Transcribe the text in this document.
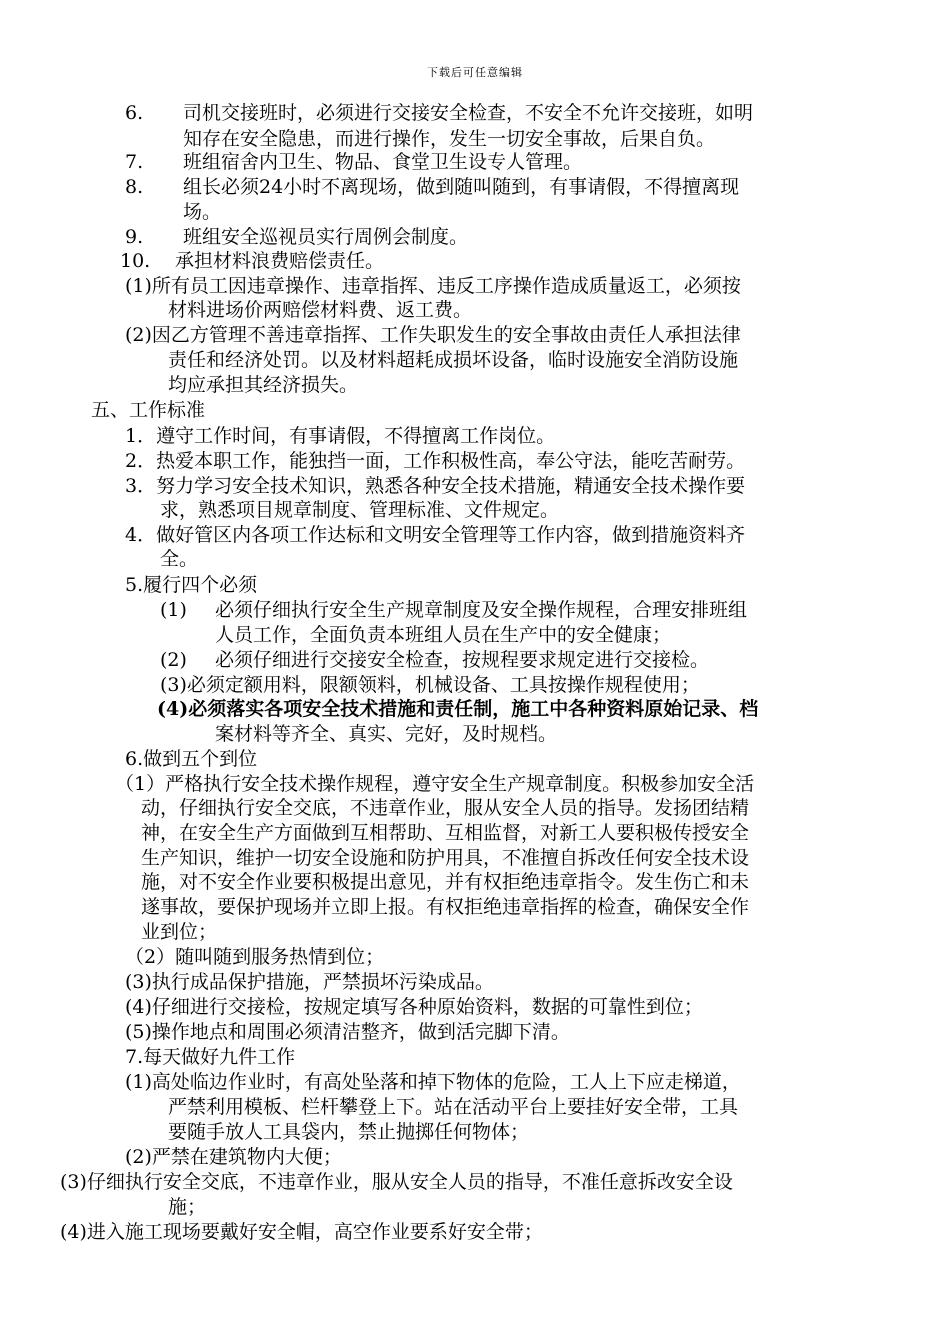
下载后可任意编辑
6. 司机交接班时，必须进行交接安全检查，不安全不允许交接班，如明
知存在安全隐患，而进行操作，发生一切安全事故，后果自负。
7. 班组宿舍内卫生、物品、食堂卫生设专人管理。
8. 组长必须24小时不离现场，做到随叫随到，有事请假，不得擅离现
场。
9. 班组安全巡视员实行周例会制度。
10. 承担材料浪费赔偿责任。
(1)所有员工因违章操作、违章指挥、违反工序操作造成质量返工，必须按
材料进场价两赔偿材料费、返工费。
(2)因乙方管理不善违章指挥、工作失职发生的安全事故由责任人承担法律
责任和经济处罚。以及材料超耗成损坏设备，临时设施安全消防设施
均应承担其经济损失。
五、工作标准
1．遵守工作时间，有事请假，不得擅离工作岗位。
2．热爱本职工作，能独挡一面，工作积极性高，奉公守法，能吃苦耐劳。
3．努力学习安全技术知识，熟悉各种安全技术措施，精通安全技术操作要
求，熟悉项目规章制度、管理标准、文件规定。
4．做好管区内各项工作达标和文明安全管理等工作内容，做到措施资料齐
全。
5.履行四个必须
(1) 必须仔细执行安全生产规章制度及安全操作规程，合理安排班组
人员工作，全面负责本班组人员在生产中的安全健康；
(2) 必须仔细进行交接安全检查，按规程要求规定进行交接检。
(3)必须定额用料，限额领料，机械设备、工具按操作规程使用；
(4)必须落实各项安全技术措施和责任制，施工中各种资料原始记录、档
案材料等齐全、真实、完好，及时规档。
6.做到五个到位
（1）严格执行安全技术操作规程，遵守安全生产规章制度。积极参加安全活
动，仔细执行安全交底，不违章作业，服从安全人员的指导。发扬团结精
神，在安全生产方面做到互相帮助、互相监督，对新工人要积极传授安全
生产知识，维护一切安全设施和防护用具，不准擅自拆改任何安全技术设
施，对不安全作业要积极提出意见，并有权拒绝违章指令。发生伤亡和未
遂事故，要保护现场并立即上报。有权拒绝违章指挥的检查，确保安全作
业到位；
（2）随叫随到服务热情到位；
(3)执行成品保护措施，严禁损坏污染成品。
(4)仔细进行交接检，按规定填写各种原始资料，数据的可靠性到位；
(5)操作地点和周围必须清洁整齐，做到活完脚下清。
7.每天做好九件工作
(1)高处临边作业时，有高处坠落和掉下物体的危险，工人上下应走梯道，
严禁利用模板、栏杆攀登上下。站在活动平台上要挂好安全带，工具
要随手放人工具袋内，禁止抛掷任何物体；
(2)严禁在建筑物内大便；
(3)仔细执行安全交底，不违章作业，服从安全人员的指导，不准任意拆改安全设
施；
(4)进入施工现场要戴好安全帽，高空作业要系好安全带；
